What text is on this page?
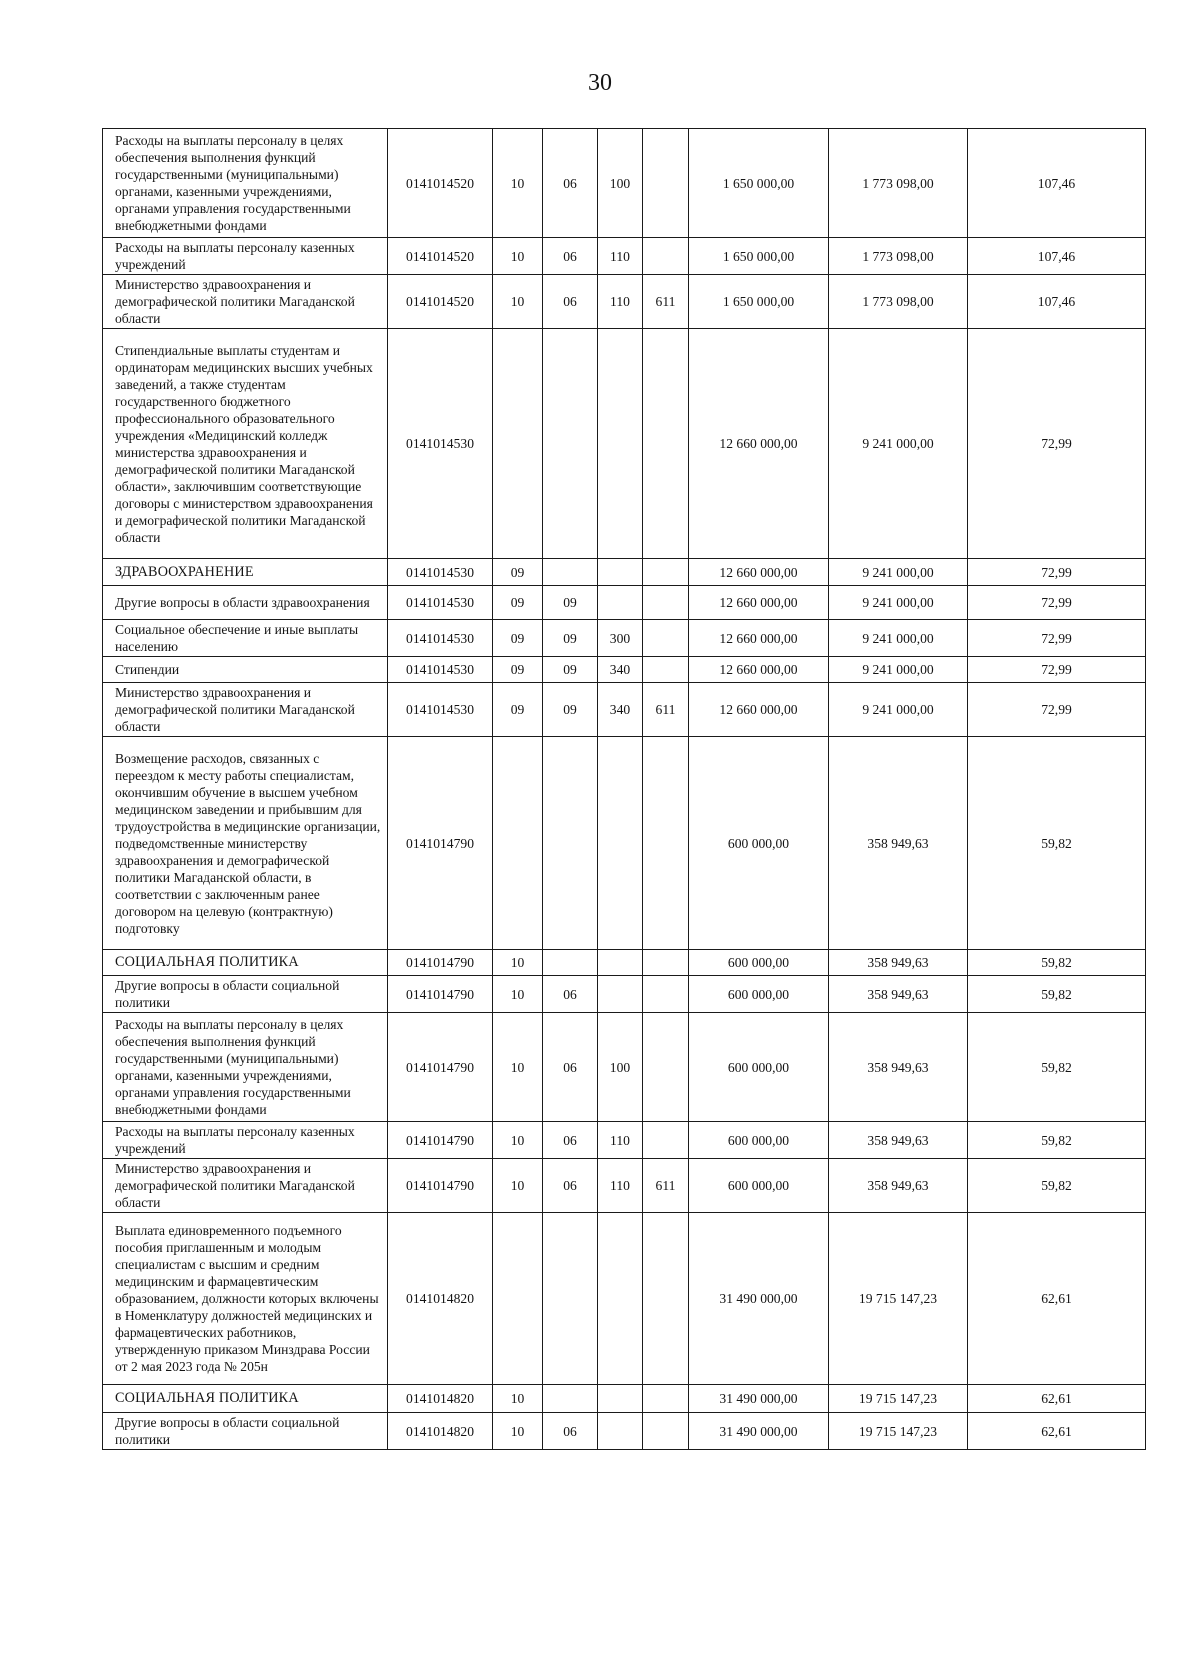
30
Расходы на выплаты персоналу в целях обеспечения выполнения функций государственными (муниципальными) органами, казенными учреждениями, органами управления государственными внебюджетными фондами	0141014520	10	06	100		1 650 000,00	1 773 098,00	107,46
Расходы на выплаты персоналу казенных учреждений	0141014520	10	06	110		1 650 000,00	1 773 098,00	107,46
Министерство здравоохранения и демографической политики Магаданской области	0141014520	10	06	110	611	1 650 000,00	1 773 098,00	107,46
Стипендиальные выплаты студентам и ординаторам медицинских высших учебных заведений, а также студентам государственного бюджетного профессионального образовательного учреждения «Медицинский колледж министерства здравоохранения и демографической политики Магаданской области», заключившим соответствующие договоры с министерством здравоохранения и демографической политики Магаданской области	0141014530					12 660 000,00	9 241 000,00	72,99
ЗДРАВООХРАНЕНИЕ	0141014530	09				12 660 000,00	9 241 000,00	72,99
Другие вопросы в области здравоохранения	0141014530	09	09			12 660 000,00	9 241 000,00	72,99
Социальное обеспечение и иные выплаты населению	0141014530	09	09	300		12 660 000,00	9 241 000,00	72,99
Стипендии	0141014530	09	09	340		12 660 000,00	9 241 000,00	72,99
Министерство здравоохранения и демографической политики Магаданской области	0141014530	09	09	340	611	12 660 000,00	9 241 000,00	72,99
Возмещение расходов, связанных с переездом к месту работы специалистам, окончившим обучение в высшем учебном медицинском заведении и прибывшим для трудоустройства в медицинские организации, подведомственные министерству здравоохранения и демографической политики Магаданской области, в соответствии с заключенным ранее договором на целевую (контрактную) подготовку	0141014790					600 000,00	358 949,63	59,82
СОЦИАЛЬНАЯ ПОЛИТИКА	0141014790	10				600 000,00	358 949,63	59,82
Другие вопросы в области социальной политики	0141014790	10	06			600 000,00	358 949,63	59,82
Расходы на выплаты персоналу в целях обеспечения выполнения функций государственными (муниципальными) органами, казенными учреждениями, органами управления государственными внебюджетными фондами	0141014790	10	06	100		600 000,00	358 949,63	59,82
Расходы на выплаты персоналу казенных учреждений	0141014790	10	06	110		600 000,00	358 949,63	59,82
Министерство здравоохранения и демографической политики Магаданской области	0141014790	10	06	110	611	600 000,00	358 949,63	59,82
Выплата единовременного подъемного пособия приглашенным и молодым специалистам с высшим и средним медицинским и фармацевтическим образованием, должности которых включены в Номенклатуру должностей медицинских и фармацевтических работников, утвержденную приказом Минздрава России от 2 мая 2023 года № 205н	0141014820					31 490 000,00	19 715 147,23	62,61
СОЦИАЛЬНАЯ ПОЛИТИКА	0141014820	10				31 490 000,00	19 715 147,23	62,61
Другие вопросы в области социальной политики	0141014820	10	06			31 490 000,00	19 715 147,23	62,61
